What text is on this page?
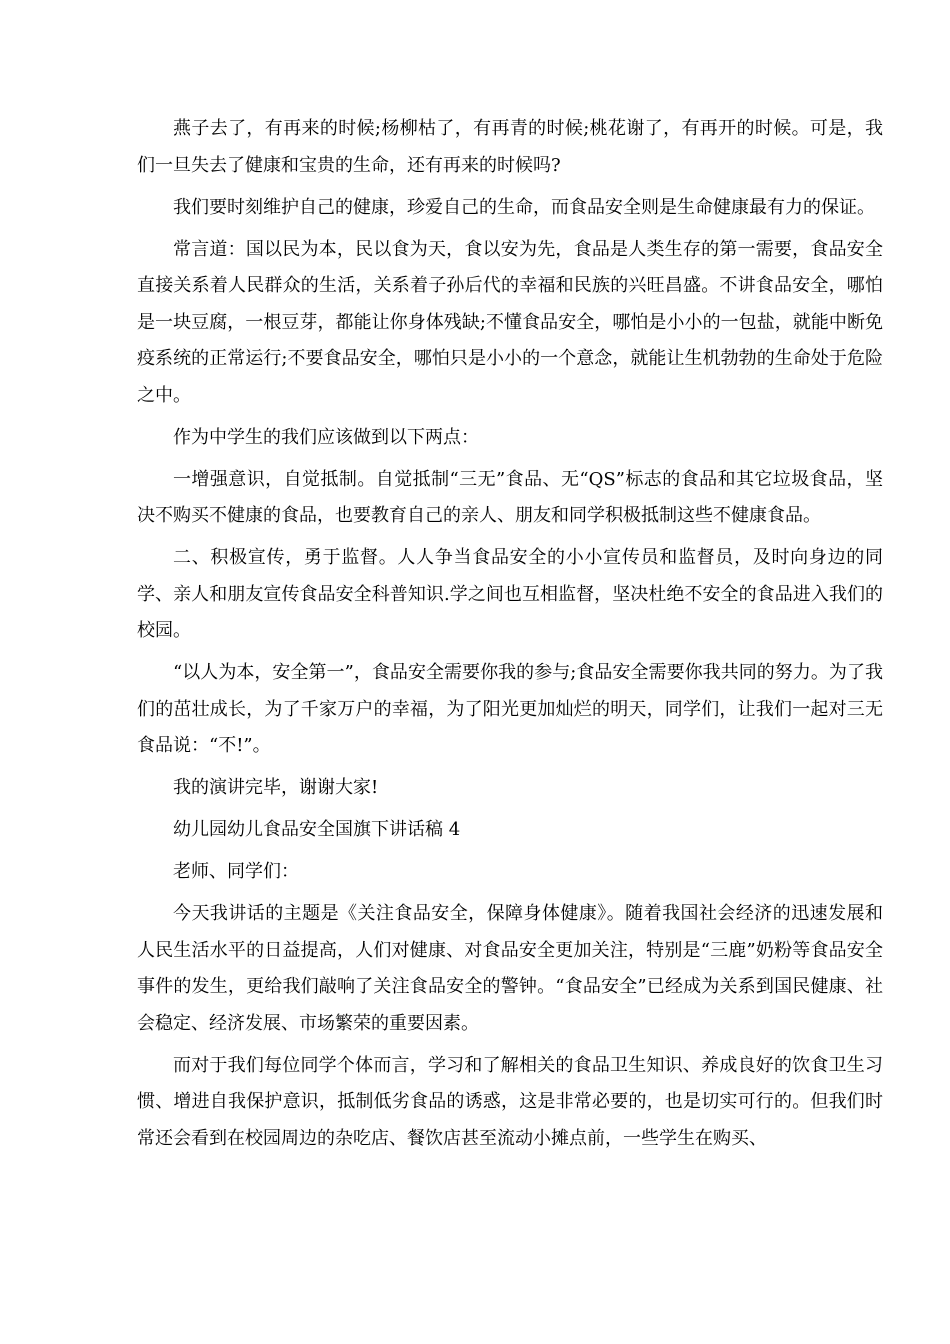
燕子去了，有再来的时候;杨柳枯了，有再青的时候;桃花谢了，有再开的时候。可是，我们一旦失去了健康和宝贵的生命，还有再来的时候吗?

我们要时刻维护自己的健康，珍爱自己的生命，而食品安全则是生命健康最有力的保证。

常言道：国以民为本，民以食为天，食以安为先，食品是人类生存的第一需要，食品安全直接关系着人民群众的生活，关系着子孙后代的幸福和民族的兴旺昌盛。不讲食品安全，哪怕是一块豆腐，一根豆芽，都能让你身体残缺;不懂食品安全，哪怕是小小的一包盐，就能中断免疫系统的正常运行;不要食品安全，哪怕只是小小的一个意念，就能让生机勃勃的生命处于危险之中。

作为中学生的我们应该做到以下两点：

一增强意识，自觉抵制。自觉抵制“三无”食品、无“QS”标志的食品和其它垃圾食品，坚决不购买不健康的食品，也要教育自己的亲人、朋友和同学积极抵制这些不健康食品。

二、积极宣传，勇于监督。人人争当食品安全的小小宣传员和监督员，及时向身边的同学、亲人和朋友宣传食品安全科普知识.学之间也互相监督，坚决杜绝不安全的食品进入我们的校园。

“以人为本，安全第一”，食品安全需要你我的参与;食品安全需要你我共同的努力。为了我们的茁壮成长，为了千家万户的幸福，为了阳光更加灿烂的明天，同学们，让我们一起对三无食品说：“不!”。

我的演讲完毕，谢谢大家!

幼儿园幼儿食品安全国旗下讲话稿 4

老师、同学们：

今天我讲话的主题是《关注食品安全，保障身体健康》。随着我国社会经济的迅速发展和人民生活水平的日益提高，人们对健康、对食品安全更加关注，特别是“三鹿”奶粉等食品安全事件的发生，更给我们敲响了关注食品安全的警钟。“食品安全”已经成为关系到国民健康、社会稳定、经济发展、市场繁荣的重要因素。

而对于我们每位同学个体而言，学习和了解相关的食品卫生知识、养成良好的饮食卫生习惯、增进自我保护意识，抵制低劣食品的诱惑，这是非常必要的，也是切实可行的。但我们时常还会看到在校园周边的杂吃店、餐饮店甚至流动小摊点前，一些学生在购买、
